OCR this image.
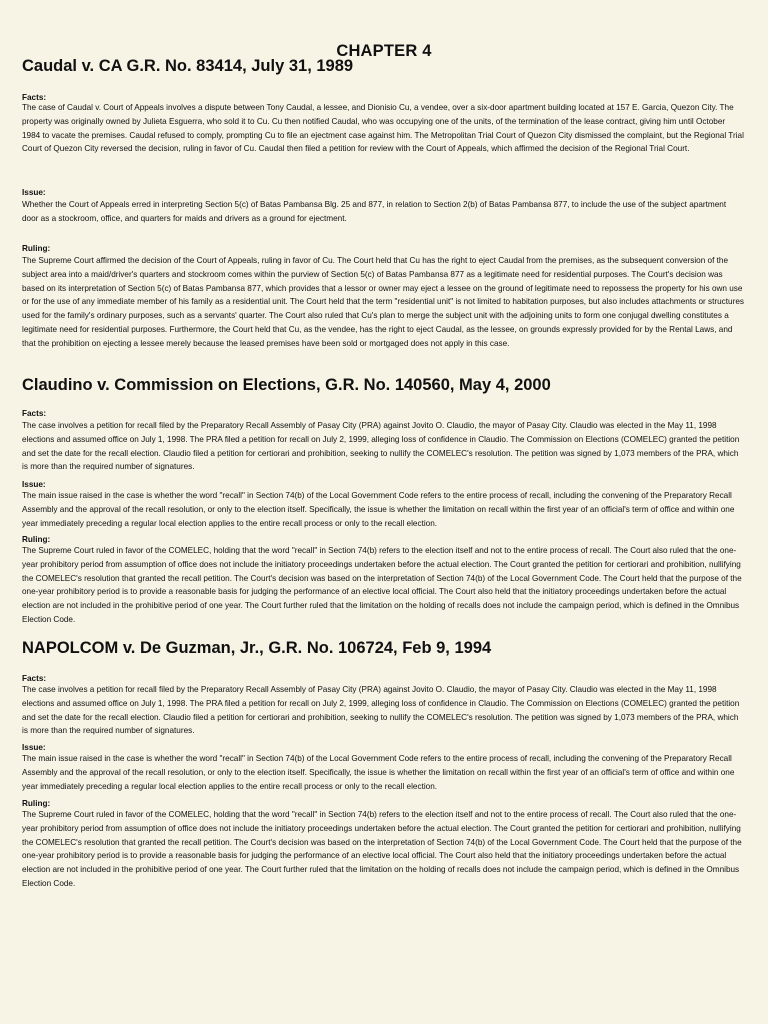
CHAPTER 4
Caudal v. CA G.R. No. 83414, July 31, 1989
Facts:
The case of Caudal v. Court of Appeals involves a dispute between Tony Caudal, a lessee, and Dionisio Cu, a vendee, over a six-door apartment building located at 157 E. Garcia, Quezon City. The property was originally owned by Julieta Esguerra, who sold it to Cu. Cu then notified Caudal, who was occupying one of the units, of the termination of the lease contract, giving him until October 1984 to vacate the premises. Caudal refused to comply, prompting Cu to file an ejectment case against him. The Metropolitan Trial Court of Quezon City dismissed the complaint, but the Regional Trial Court of Quezon City reversed the decision, ruling in favor of Cu. Caudal then filed a petition for review with the Court of Appeals, which affirmed the decision of the Regional Trial Court.
Issue:
Whether the Court of Appeals erred in interpreting Section 5(c) of Batas Pambansa Blg. 25 and 877, in relation to Section 2(b) of Batas Pambansa 877, to include the use of the subject apartment door as a stockroom, office, and quarters for maids and drivers as a ground for ejectment.
Ruling:
The Supreme Court affirmed the decision of the Court of Appeals, ruling in favor of Cu. The Court held that Cu has the right to eject Caudal from the premises, as the subsequent conversion of the subject area into a maid/driver's quarters and stockroom comes within the purview of Section 5(c) of Batas Pambansa 877 as a legitimate need for residential purposes. The Court's decision was based on its interpretation of Section 5(c) of Batas Pambansa 877, which provides that a lessor or owner may eject a lessee on the ground of legitimate need to repossess the property for his own use or for the use of any immediate member of his family as a residential unit. The Court held that the term "residential unit" is not limited to habitation purposes, but also includes attachments or structures used for the family's ordinary purposes, such as a servants' quarter. The Court also ruled that Cu's plan to merge the subject unit with the adjoining units to form one conjugal dwelling constitutes a legitimate need for residential purposes. Furthermore, the Court held that Cu, as the vendee, has the right to eject Caudal, as the lessee, on grounds expressly provided for by the Rental Laws, and that the prohibition on ejecting a lessee merely because the leased premises have been sold or mortgaged does not apply in this case.
Claudino v. Commission on Elections, G.R. No. 140560, May 4, 2000
Facts:
The case involves a petition for recall filed by the Preparatory Recall Assembly of Pasay City (PRA) against Jovito O. Claudio, the mayor of Pasay City. Claudio was elected in the May 11, 1998 elections and assumed office on July 1, 1998. The PRA filed a petition for recall on July 2, 1999, alleging loss of confidence in Claudio. The Commission on Elections (COMELEC) granted the petition and set the date for the recall election. Claudio filed a petition for certiorari and prohibition, seeking to nullify the COMELEC's resolution. The petition was signed by 1,073 members of the PRA, which is more than the required number of signatures.
Issue:
The main issue raised in the case is whether the word "recall" in Section 74(b) of the Local Government Code refers to the entire process of recall, including the convening of the Preparatory Recall Assembly and the approval of the recall resolution, or only to the election itself. Specifically, the issue is whether the limitation on recall within the first year of an official's term of office and within one year immediately preceding a regular local election applies to the entire recall process or only to the recall election.
Ruling:
The Supreme Court ruled in favor of the COMELEC, holding that the word "recall" in Section 74(b) refers to the election itself and not to the entire process of recall. The Court also ruled that the one-year prohibitory period from assumption of office does not include the initiatory proceedings undertaken before the actual election. The Court granted the petition for certiorari and prohibition, nullifying the COMELEC's resolution that granted the recall petition. The Court's decision was based on the interpretation of Section 74(b) of the Local Government Code. The Court held that the purpose of the one-year prohibitory period is to provide a reasonable basis for judging the performance of an elective local official. The Court also held that the initiatory proceedings undertaken before the actual election are not included in the prohibitive period of one year. The Court further ruled that the limitation on the holding of recalls does not include the campaign period, which is defined in the Omnibus Election Code.
NAPOLCOM v. De Guzman, Jr., G.R. No. 106724, Feb 9, 1994
Facts:
The case involves a petition for recall filed by the Preparatory Recall Assembly of Pasay City (PRA) against Jovito O. Claudio, the mayor of Pasay City. Claudio was elected in the May 11, 1998 elections and assumed office on July 1, 1998. The PRA filed a petition for recall on July 2, 1999, alleging loss of confidence in Claudio. The Commission on Elections (COMELEC) granted the petition and set the date for the recall election. Claudio filed a petition for certiorari and prohibition, seeking to nullify the COMELEC's resolution. The petition was signed by 1,073 members of the PRA, which is more than the required number of signatures.
Issue:
The main issue raised in the case is whether the word "recall" in Section 74(b) of the Local Government Code refers to the entire process of recall, including the convening of the Preparatory Recall Assembly and the approval of the recall resolution, or only to the election itself. Specifically, the issue is whether the limitation on recall within the first year of an official's term of office and within one year immediately preceding a regular local election applies to the entire recall process or only to the recall election.
Ruling:
The Supreme Court ruled in favor of the COMELEC, holding that the word "recall" in Section 74(b) refers to the election itself and not to the entire process of recall. The Court also ruled that the one-year prohibitory period from assumption of office does not include the initiatory proceedings undertaken before the actual election. The Court granted the petition for certiorari and prohibition, nullifying the COMELEC's resolution that granted the recall petition. The Court's decision was based on the interpretation of Section 74(b) of the Local Government Code. The Court held that the purpose of the one-year prohibitory period is to provide a reasonable basis for judging the performance of an elective local official. The Court also held that the initiatory proceedings undertaken before the actual election are not included in the prohibitive period of one year. The Court further ruled that the limitation on the holding of recalls does not include the campaign period, which is defined in the Omnibus Election Code.
